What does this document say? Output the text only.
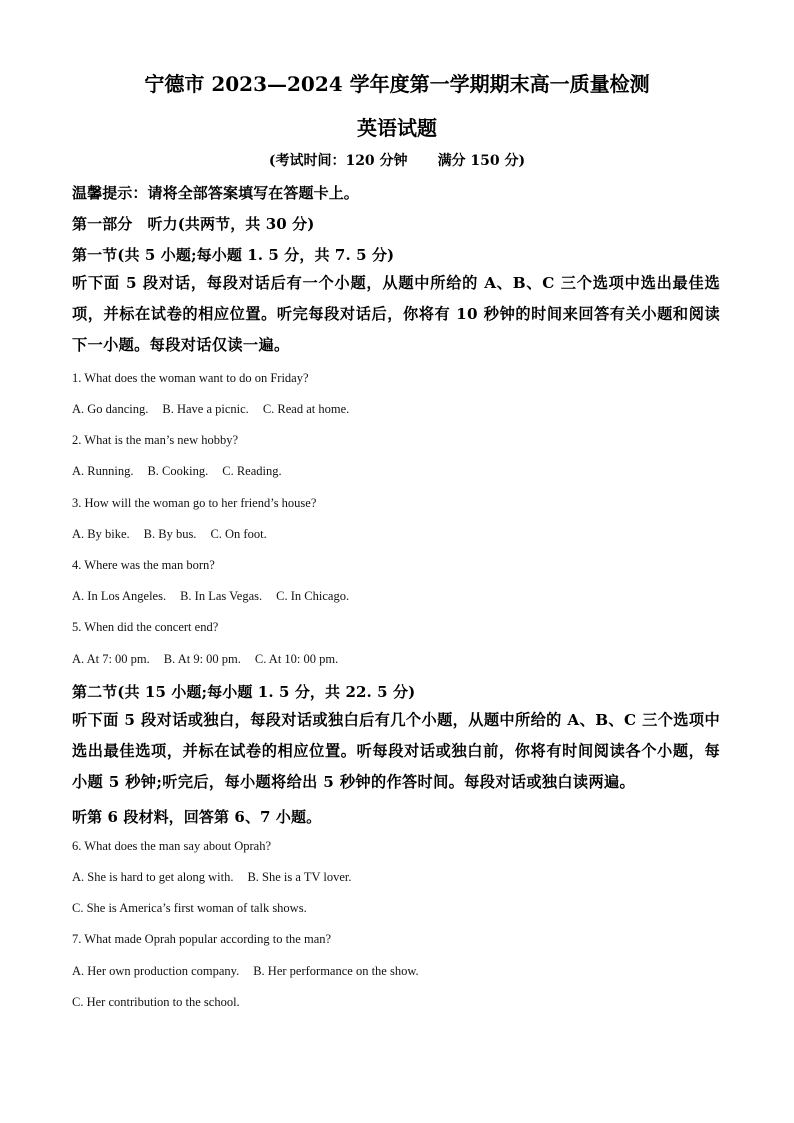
宁德市 2023—2024 学年度第一学期期末高一质量检测
英语试题
(考试时间：120 分钟 满分 150 分)
温馨提示：请将全部答案填写在答题卡上。
第一部分　听力(共两节，共 30 分)
第一节(共 5 小题;每小题 1. 5 分，共 7. 5 分)
听下面 5 段对话，每段对话后有一个小题，从题中所给的 A、B、C 三个选项中选出最佳选项，并标在试卷的相应位置。听完每段对话后，你将有 10 秒钟的时间来回答有关小题和阅读下一小题。每段对话仅读一遍。
1. What does the woman want to do on Friday?
A. Go dancing. B. Have a picnic. C. Read at home.
2. What is the man’s new hobby?
A. Running. B. Cooking. C. Reading.
3. How will the woman go to her friend’s house?
A. By bike. B. By bus. C. On foot.
4. Where was the man born?
A. In Los Angeles. B. In Las Vegas. C. In Chicago.
5. When did the concert end?
A. At 7: 00 pm. B. At 9: 00 pm. C. At 10: 00 pm.
第二节(共 15 小题;每小题 1. 5 分，共 22. 5 分)
听下面 5 段对话或独白，每段对话或独白后有几个小题，从题中所给的 A、B、C 三个选项中选出最佳选项，并标在试卷的相应位置。听每段对话或独白前，你将有时间阅读各个小题，每小题 5 秒钟;听完后，每小题将给出 5 秒钟的作答时间。每段对话或独白读两遍。
听第 6 段材料，回答第 6、7 小题。
6. What does the man say about Oprah?
A. She is hard to get along with. B. She is a TV lover.
C. She is America’s first woman of talk shows.
7. What made Oprah popular according to the man?
A. Her own production company. B. Her performance on the show.
C. Her contribution to the school.
